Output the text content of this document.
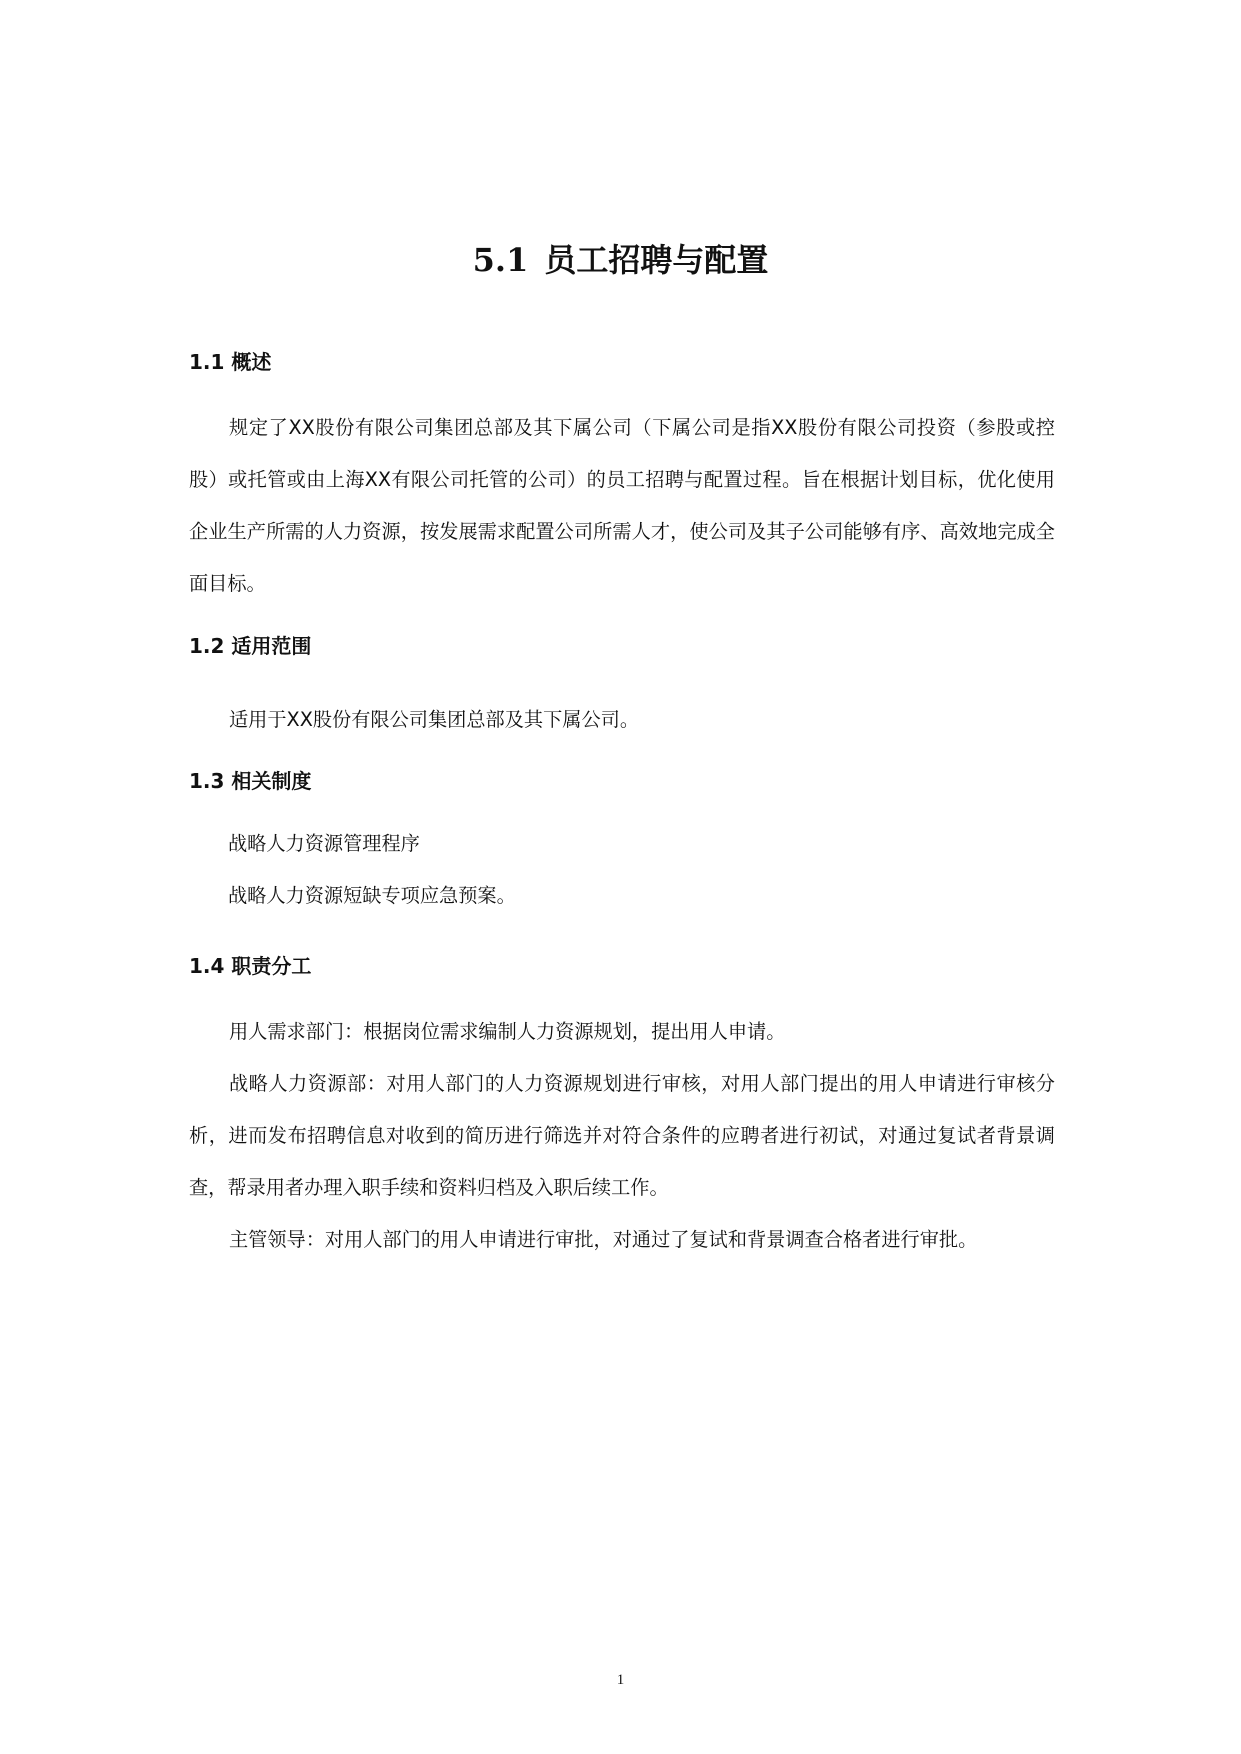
5.1 员工招聘与配置
1.1 概述

规定了XX股份有限公司集团总部及其下属公司（下属公司是指XX股份有限公司投资（参股或控股）或托管或由上海XX有限公司托管的公司）的员工招聘与配置过程。旨在根据计划目标，优化使用企业生产所需的人力资源，按发展需求配置公司所需人才，使公司及其子公司能够有序、高效地完成全面目标。

1.2 适用范围

适用于XX股份有限公司集团总部及其下属公司。

1.3 相关制度

战略人力资源管理程序

战略人力资源短缺专项应急预案。

1.4 职责分工

用人需求部门：根据岗位需求编制人力资源规划，提出用人申请。

战略人力资源部：对用人部门的人力资源规划进行审核，对用人部门提出的用人申请进行审核分析，进而发布招聘信息对收到的简历进行筛选并对符合条件的应聘者进行初试，对通过复试者背景调查，帮录用者办理入职手续和资料归档及入职后续工作。

主管领导：对用人部门的用人申请进行审批，对通过了复试和背景调查合格者进行审批。

1
